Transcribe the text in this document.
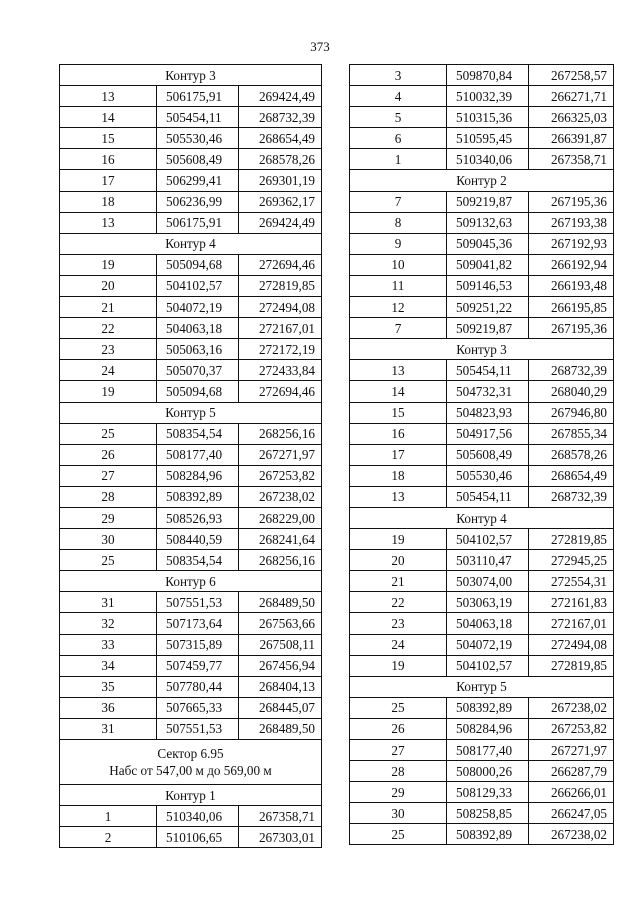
373
Контур 3		
13	506175,91	269424,49
14	505454,11	268732,39
15	505530,46	268654,49
16	505608,49	268578,26
17	506299,41	269301,19
18	506236,99	269362,17
13	506175,91	269424,49
Контур 4		
19	505094,68	272694,46
20	504102,57	272819,85
21	504072,19	272494,08
22	504063,18	272167,01
23	505063,16	272172,19
24	505070,37	272433,84
19	505094,68	272694,46
Контур 5		
25	508354,54	268256,16
26	508177,40	267271,97
27	508284,96	267253,82
28	508392,89	267238,02
29	508526,93	268229,00
30	508440,59	268241,64
25	508354,54	268256,16
Контур 6		
31	507551,53	268489,50
32	507173,64	267563,66
33	507315,89	267508,11
34	507459,77	267456,94
35	507780,44	268404,13
36	507665,33	268445,07
31	507551,53	268489,50
Сектор 6.95
Набс от 547,00 м до 569,00 м		
Контур 1		
1	510340,06	267358,71
2	510106,65	267303,01
3	509870,84	267258,57
4	510032,39	266271,71
5	510315,36	266325,03
6	510595,45	266391,87
1	510340,06	267358,71
Контур 2		
7	509219,87	267195,36
8	509132,63	267193,38
9	509045,36	267192,93
10	509041,82	266192,94
11	509146,53	266193,48
12	509251,22	266195,85
7	509219,87	267195,36
Контур 3		
13	505454,11	268732,39
14	504732,31	268040,29
15	504823,93	267946,80
16	504917,56	267855,34
17	505608,49	268578,26
18	505530,46	268654,49
13	505454,11	268732,39
Контур 4		
19	504102,57	272819,85
20	503110,47	272945,25
21	503074,00	272554,31
22	503063,19	272161,83
23	504063,18	272167,01
24	504072,19	272494,08
19	504102,57	272819,85
Контур 5		
25	508392,89	267238,02
26	508284,96	267253,82
27	508177,40	267271,97
28	508000,26	266287,79
29	508129,33	266266,01
30	508258,85	266247,05
25	508392,89	267238,02
